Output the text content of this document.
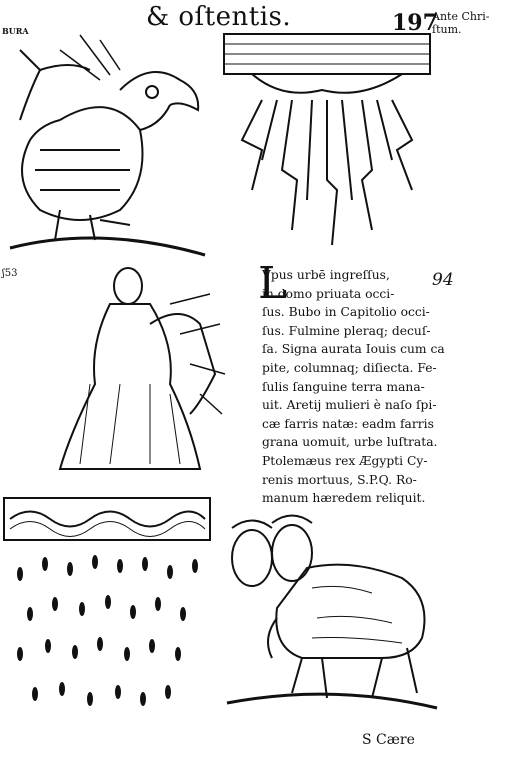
& oſtentis.	197
Ante Chri-
ſtum.
BURA
ʃ53	L	94
Vpus urbē ingreſſus,
in domo priuata occi-
ſus. Bubo in Capitolio occi-
ſus. Fulmine pleraq; decuſ-
ſa. Signa aurata Iouis cum ca
pite, columnaq; diſiecta. Fe-
ſulis ſanguine terra mana-
uit. Aretij mulieri è naſo ſpi-
cæ farris natæ: eadm farris
grana uomuit, urbe luſtrata.
Ptolemæus rex Ægypti Cy-
renis mortuus, S.P.Q. Ro-
manum hæredem reliquit.
S Cære
